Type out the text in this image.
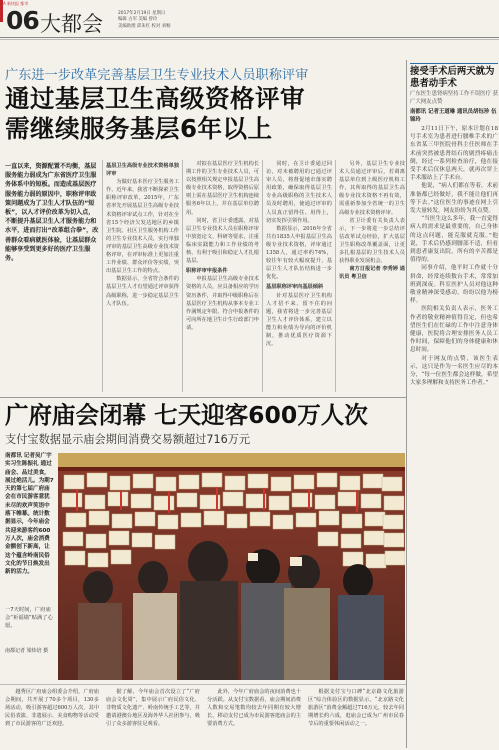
A 新快报 都市
06 大都会	2017年2月19日 星期日
编辑 古军 美编 曾玲
美编助理 邱朱红 校对 刘畅
广东进一步改革完善基层卫生专业技术人员职称评审
通过基层卫生高级资格评审
需继续服务基层6年以上
一直以来，资源配置不均衡，基层服务能力弱成为广东省医疗卫生服务体系中的短板。而造成基层医疗服务能力弱的原因中，职称评审政策问题成为了卫生人才队伍的“短板”，以人才评价改革为切入点，不断提升基层卫生人才服务能力和水平，进而打出“改革组合拳”，改善群众看病就医体验，让基层群众能够享受到更多好的医疗卫生服务。

基层卫生高级专业技术资格单独评审

为做好基本医疗卫生服务工作，近年来，我省不断探索卫生职称评审改革。2015年，广东省率先开展基层卫生高级专业技术资格评审试点工作，针对在全省15个经济欠发达地区的乡镇卫生院、社区卫生服务机构工作的卫生专业技术人员，实行单独评审的基层卫生高级专业技术资格评审，在评审标准上更加注重工作业绩、群众评价等实绩，突出基层卫生工作的特点。

数据显示，全省符合条件的基层卫生人才有望通过评审获得高级职称，进一步稳定基层卫生人才队伍。

对拟在基层医疗卫生机构长期工作的卫生专业技术人员，可以按照相关规定申报基层卫生高级专业技术资格，取得资格后原则上需在基层医疗卫生机构连续服务6年以上，并在基层单位聘用。

同时，省卫计委透露，对基层卫生专业技术人员在职称评审中放宽论文、科研等要求，注重临床实践能力和工作业绩的考核，有利于吸引和稳定人才扎根基层。

职称评审申报条件

申报基层卫生高级专业技术资格的人员，应具备相应的学历资历条件，并取得中级职称后在基层医疗卫生机构从事本专业工作满规定年限，符合申报条件的可向所在地卫生计生行政部门申请。

同时，在卫计委通过回访，对未被聘用的已通过评审人员，将督促地市落实聘用政策，确保取得基层卫生专业高级职称的卫生技术人员及时聘用，使通过评审的人员真正留得住、用得上，切实发挥引领作用。

数据显示，2016年全省共有1835人申报基层卫生高级专业技术资格，评审通过1358人，通过率约74%，较往年有较大幅度提升，基层卫生人才队伍结构进一步优化。

基层职称评审向基层倾斜

针对基层医疗卫生机构人才招不来、留不住的问题，我省将进一步完善基层卫生人才评价体系，建立以能力和业绩为导向的评价机制，推动优质医疗资源下沉。

另外，基层卫生专业技术人员通过评审后，若调离基层单位到上级医疗机构工作，其所取得的基层卫生高级专业技术资格不再有效，需重新参加全省统一的卫生高级专业技术资格评审。

省卫计委有关负责人表示，下一步将进一步总结评估改革试点经验，扩大基层卫生职称改革覆盖面，让更多扎根基层的卫生技术人员获得职业发展机会。

南方日报记者 李秀婷 通讯员 粤卫信

接受手术后两天就为患者动手术
广东医生患肾病坚持工作不误医疗 获广大网友点赞
南都讯 记者王道琳 通讯员胡钰珍 伍锦玲

2月11日下午，原本计划在18号手术室为患者进行腰椎手术的广东省某三甲医院骨科主任医师在手术前突然被患肾结石的剧烈疼痛击倒，经过一系列检查治疗，他在接受手术后仅休息两天，就再次穿上手术服站上了手术台。

他说，“病人们都在等着，术前准备都已经做好，我不能让他们再等下去。”这位医生的事迹在网上引发大量转发，网友纷纷为其点赞。

“当医生这么多年，我一直觉得病人的需求是最重要的，自己身体的这点问题，能克服就克服。”他说，手术后仍感到腰部不适，但看到患者康复出院，所有的辛苦都是值得的。

同事介绍，他平时工作就十分拼命，经常连续数台手术，常常加班到深夜。科室医护人员对他这种敬业精神深受感动，纷纷以他为榜样。

医院相关负责人表示，医务工作者的敬业精神值得肯定，但也希望医生们在忙碌的工作中注意身体健康，医院将合理安排医务人员工作时间，保障他们的身体健康和休息时间。

对于网友的点赞，该医生表示，这只是作为一名医生应尽的本分，“每一位医生都会这样做，希望大家多理解和支持医务工作者。”

广府庙会闭幕 七天迎客600万人次
支付宝数据显示庙会期间消费交易额超过716万元
南都讯 记者吴广宇 实习生陈振礼 通过庙会、品过美食，展过绝活儿。为期7天的第七届广府庙会在市民游客意犹未尽的欢声笑语中落下帷幕。统计数据显示，今年庙会共迎来游客约600万人次，庙会消费金额创下新高，让这个蕴含岭南民俗文化的节日焕发出新的活力。
一7天时间，广府庙会“祈福墙”贴满了心愿。
南都记者 梁炜培 摄

越秀区广府庙会组委会介绍，广府庙会期间，共开展了70多个项目，130多场活动，吸引游客超过600万人次，其中民俗表演、非遗展示、美食购物等活动受到了市民游客的广泛欢迎。

据了解，今年庙会首次设立了“广府庙会文化周”，集中展示广府民俗文化、非物质文化遗产、岭南传统手工艺等，并邀请港澳台地区及海外华人社团参与，吸引了众多游客驻足观看。

此外，今年广府庙会的夜间消费也十分活跃。从支付宝数据看，庙会期间消费人数和交易笔数均较去年同期有较大增长，移动支付已成为市民游客逛庙会的主要消费方式。

根据支付宝与口碑“北京路文化旅游区”综合体验区的数据显示，“北京路文化旅游区”消费金额超过716万元，较去年同期增长约六成，逛庙会已成为广州市民春节后的重要休闲活动之一。
